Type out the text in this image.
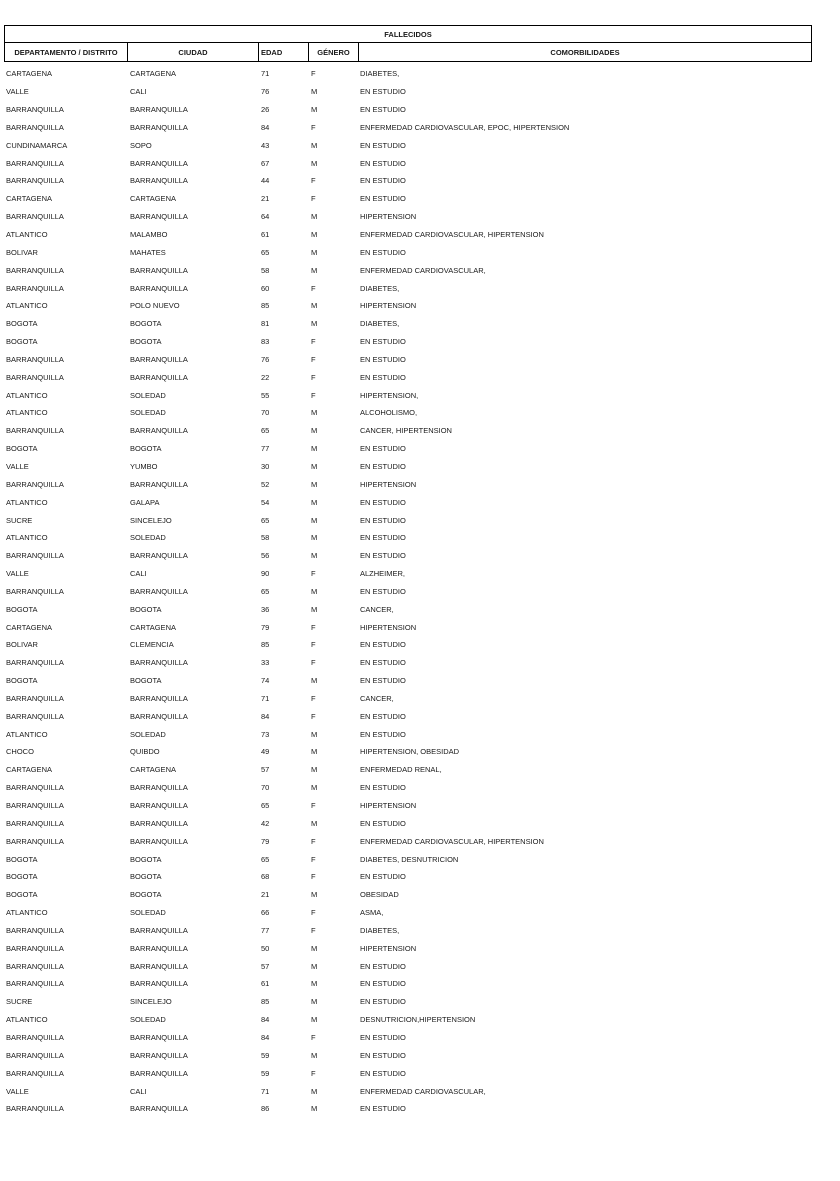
FALLECIDOS
DEPARTAMENTO / DISTRITO	CIUDAD	EDAD	GÉNERO	COMORBILIDADES
CARTAGENA	CARTAGENA	71	F	DIABETES,
VALLE	CALI	76	M	EN ESTUDIO
BARRANQUILLA	BARRANQUILLA	26	M	EN ESTUDIO
BARRANQUILLA	BARRANQUILLA	84	F	ENFERMEDAD CARDIOVASCULAR, EPOC, HIPERTENSION
CUNDINAMARCA	SOPO	43	M	EN ESTUDIO
BARRANQUILLA	BARRANQUILLA	67	M	EN ESTUDIO
BARRANQUILLA	BARRANQUILLA	44	F	EN ESTUDIO
CARTAGENA	CARTAGENA	21	F	EN ESTUDIO
BARRANQUILLA	BARRANQUILLA	64	M	HIPERTENSION
ATLANTICO	MALAMBO	61	M	ENFERMEDAD CARDIOVASCULAR, HIPERTENSION
BOLIVAR	MAHATES	65	M	EN ESTUDIO
BARRANQUILLA	BARRANQUILLA	58	M	ENFERMEDAD CARDIOVASCULAR,
BARRANQUILLA	BARRANQUILLA	60	F	DIABETES,
ATLANTICO	POLO NUEVO	85	M	HIPERTENSION
BOGOTA	BOGOTA	81	M	DIABETES,
BOGOTA	BOGOTA	83	F	EN ESTUDIO
BARRANQUILLA	BARRANQUILLA	76	F	EN ESTUDIO
BARRANQUILLA	BARRANQUILLA	22	F	EN ESTUDIO
ATLANTICO	SOLEDAD	55	F	HIPERTENSION,
ATLANTICO	SOLEDAD	70	M	ALCOHOLISMO,
BARRANQUILLA	BARRANQUILLA	65	M	CANCER, HIPERTENSION
BOGOTA	BOGOTA	77	M	EN ESTUDIO
VALLE	YUMBO	30	M	EN ESTUDIO
BARRANQUILLA	BARRANQUILLA	52	M	HIPERTENSION
ATLANTICO	GALAPA	54	M	EN ESTUDIO
SUCRE	SINCELEJO	65	M	EN ESTUDIO
ATLANTICO	SOLEDAD	58	M	EN ESTUDIO
BARRANQUILLA	BARRANQUILLA	56	M	EN ESTUDIO
VALLE	CALI	90	F	ALZHEIMER,
BARRANQUILLA	BARRANQUILLA	65	M	EN ESTUDIO
BOGOTA	BOGOTA	36	M	CANCER,
CARTAGENA	CARTAGENA	79	F	HIPERTENSION
BOLIVAR	CLEMENCIA	85	F	EN ESTUDIO
BARRANQUILLA	BARRANQUILLA	33	F	EN ESTUDIO
BOGOTA	BOGOTA	74	M	EN ESTUDIO
BARRANQUILLA	BARRANQUILLA	71	F	CANCER,
BARRANQUILLA	BARRANQUILLA	84	F	EN ESTUDIO
ATLANTICO	SOLEDAD	73	M	EN ESTUDIO
CHOCO	QUIBDO	49	M	HIPERTENSION, OBESIDAD
CARTAGENA	CARTAGENA	57	M	ENFERMEDAD RENAL,
BARRANQUILLA	BARRANQUILLA	70	M	EN ESTUDIO
BARRANQUILLA	BARRANQUILLA	65	F	HIPERTENSION
BARRANQUILLA	BARRANQUILLA	42	M	EN ESTUDIO
BARRANQUILLA	BARRANQUILLA	79	F	ENFERMEDAD CARDIOVASCULAR, HIPERTENSION
BOGOTA	BOGOTA	65	F	DIABETES, DESNUTRICION
BOGOTA	BOGOTA	68	F	EN ESTUDIO
BOGOTA	BOGOTA	21	M	OBESIDAD
ATLANTICO	SOLEDAD	66	F	ASMA,
BARRANQUILLA	BARRANQUILLA	77	F	DIABETES,
BARRANQUILLA	BARRANQUILLA	50	M	HIPERTENSION
BARRANQUILLA	BARRANQUILLA	57	M	EN ESTUDIO
BARRANQUILLA	BARRANQUILLA	61	M	EN ESTUDIO
SUCRE	SINCELEJO	85	M	EN ESTUDIO
ATLANTICO	SOLEDAD	84	M	DESNUTRICION,HIPERTENSION
BARRANQUILLA	BARRANQUILLA	84	F	EN ESTUDIO
BARRANQUILLA	BARRANQUILLA	59	M	EN ESTUDIO
BARRANQUILLA	BARRANQUILLA	59	F	EN ESTUDIO
VALLE	CALI	71	M	ENFERMEDAD CARDIOVASCULAR,
BARRANQUILLA	BARRANQUILLA	86	M	EN ESTUDIO
